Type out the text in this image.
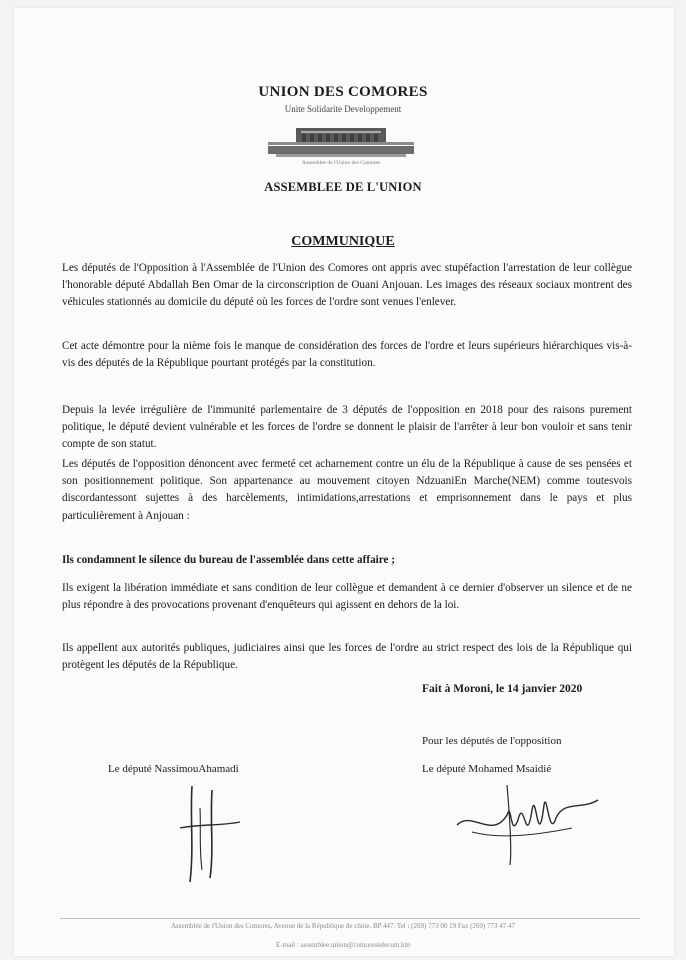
UNION DES COMORES
Unite Solidarite Developpement
Assemblee de l'Union des Comores
ASSEMBLEE DE L'UNION
COMMUNIQUE

Les députés de l'Opposition à l'Assemblée de l'Union des Comores ont appris avec stupéfaction l'arrestation de leur collègue l'honorable député Abdallah Ben Omar de la circonscription de Ouani Anjouan. Les images des réseaux sociaux montrent des véhicules stationnés au domicile du député où les forces de l'ordre sont venues l'enlever.

Cet acte démontre pour la nième fois le manque de considération des forces de l'ordre et leurs supérieurs hiérarchiques vis-à-vis des députés de la République pourtant protégés par la constitution.

Depuis la levée irrégulière de l'immunité parlementaire de 3 députés de l'opposition en 2018 pour des raisons purement politique, le député devient vulnérable et les forces de l'ordre se donnent le plaisir de l'arrêter à leur bon vouloir et sans tenir compte de son statut.

Les députés de l'opposition dénoncent avec fermeté cet acharnement contre un élu de la République à cause de ses pensées et son positionnement politique. Son appartenance au mouvement citoyen NdzuaniEn Marche(NEM) comme toutesvois discordantessont sujettes à des harcèlements, intimidations,arrestations et emprisonnement dans le pays et plus particulièrement à Anjouan :

Ils condamnent le silence du bureau de l'assemblée dans cette affaire ;

Ils exigent la libération immédiate et sans condition de leur collègue et demandent à ce dernier d'observer un silence et de ne plus répondre à des provocations provenant d'enquêteurs qui agissent en dehors de la loi.

Ils appellent aux autorités publiques, judiciaires ainsi que les forces de l'ordre au strict respect des lois de la République qui protègent les députés de la République.

Fait à Moroni, le 14 janvier 2020
Pour les députés de l'opposition
Le député NassimouAhamadi	Le député Mohamed Msaidié
Assemblée de l'Union des Comores, Avenue de la République de chine, BP 447, Tel : (269) 773 00 19 Fax (269) 773 47 47
E-mail : assemblee.union@comorestelecom.km
